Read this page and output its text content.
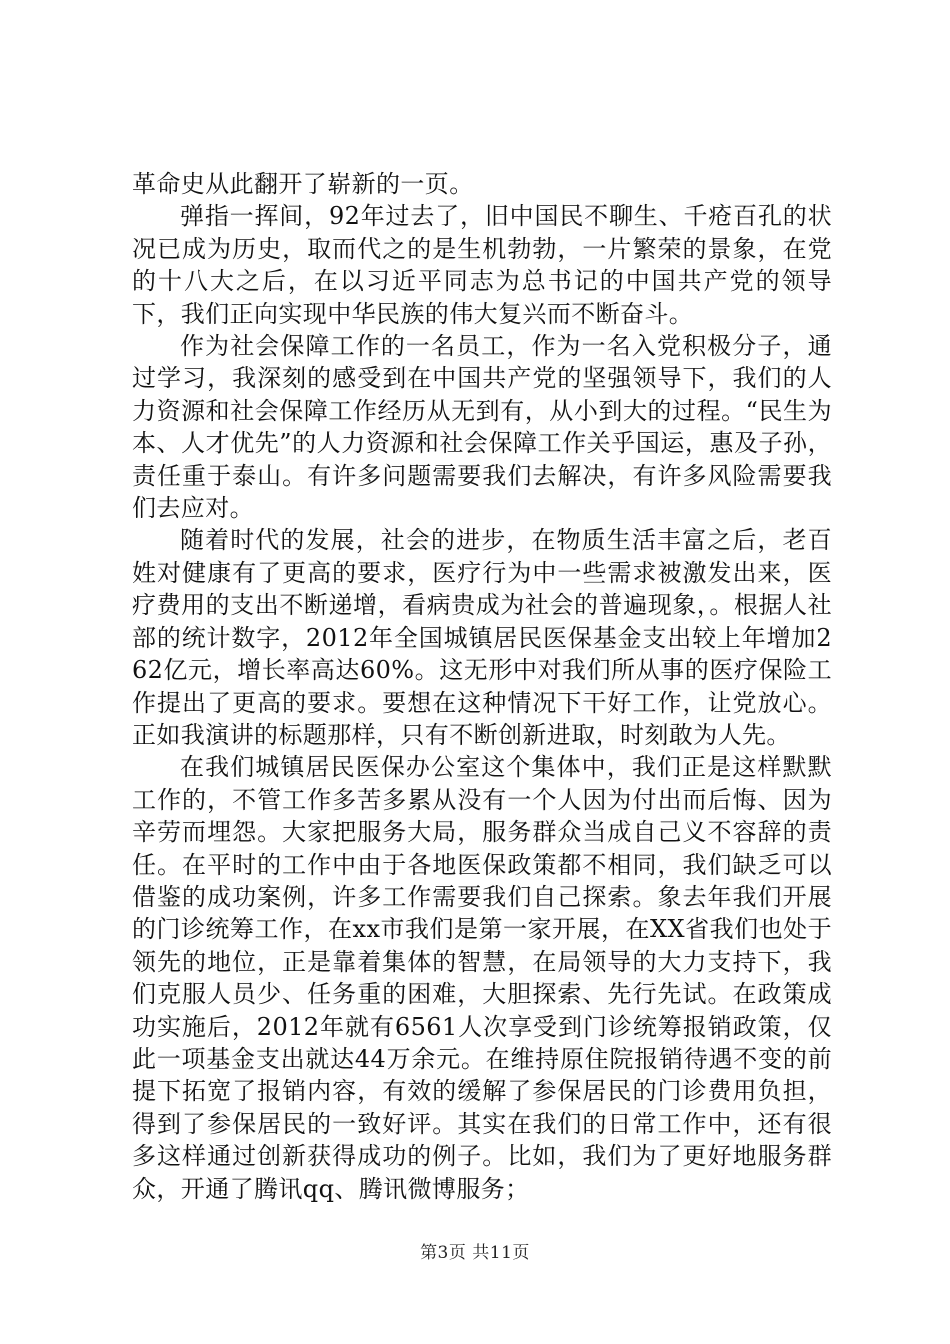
革命史从此翻开了崭新的一页。

弹指一挥间，92年过去了，旧中国民不聊生、千疮百孔的状况已成为历史，取而代之的是生机勃勃，一片繁荣的景象，在党的十八大之后，在以习近平同志为总书记的中国共产党的领导下，我们正向实现中华民族的伟大复兴而不断奋斗。

作为社会保障工作的一名员工，作为一名入党积极分子，通过学习，我深刻的感受到在中国共产党的坚强领导下，我们的人力资源和社会保障工作经历从无到有，从小到大的过程。“民生为本、人才优先”的人力资源和社会保障工作关乎国运，惠及子孙，责任重于泰山。有许多问题需要我们去解决，有许多风险需要我们去应对。

随着时代的发展，社会的进步，在物质生活丰富之后，老百姓对健康有了更高的要求，医疗行为中一些需求被激发出来，医疗费用的支出不断递增，看病贵成为社会的普遍现象，。根据人社部的统计数字，2012年全国城镇居民医保基金支出较上年增加262亿元，增长率高达60%。这无形中对我们所从事的医疗保险工作提出了更高的要求。要想在这种情况下干好工作，让党放心。正如我演讲的标题那样，只有不断创新进取，时刻敢为人先。

在我们城镇居民医保办公室这个集体中，我们正是这样默默工作的，不管工作多苦多累从没有一个人因为付出而后悔、因为辛劳而埋怨。大家把服务大局，服务群众当成自己义不容辞的责任。在平时的工作中由于各地医保政策都不相同，我们缺乏可以借鉴的成功案例，许多工作需要我们自己探索。象去年我们开展的门诊统筹工作，在xx市我们是第一家开展，在XX省我们也处于领先的地位，正是靠着集体的智慧，在局领导的大力支持下，我们克服人员少、任务重的困难，大胆探索、先行先试。在政策成功实施后，2012年就有6561人次享受到门诊统筹报销政策，仅此一项基金支出就达44万余元。在维持原住院报销待遇不变的前提下拓宽了报销内容，有效的缓解了参保居民的门诊费用负担，得到了参保居民的一致好评。其实在我们的日常工作中，还有很多这样通过创新获得成功的例子。比如，我们为了更好地服务群众，开通了腾讯qq、腾讯微博服务；

第3页 共11页
